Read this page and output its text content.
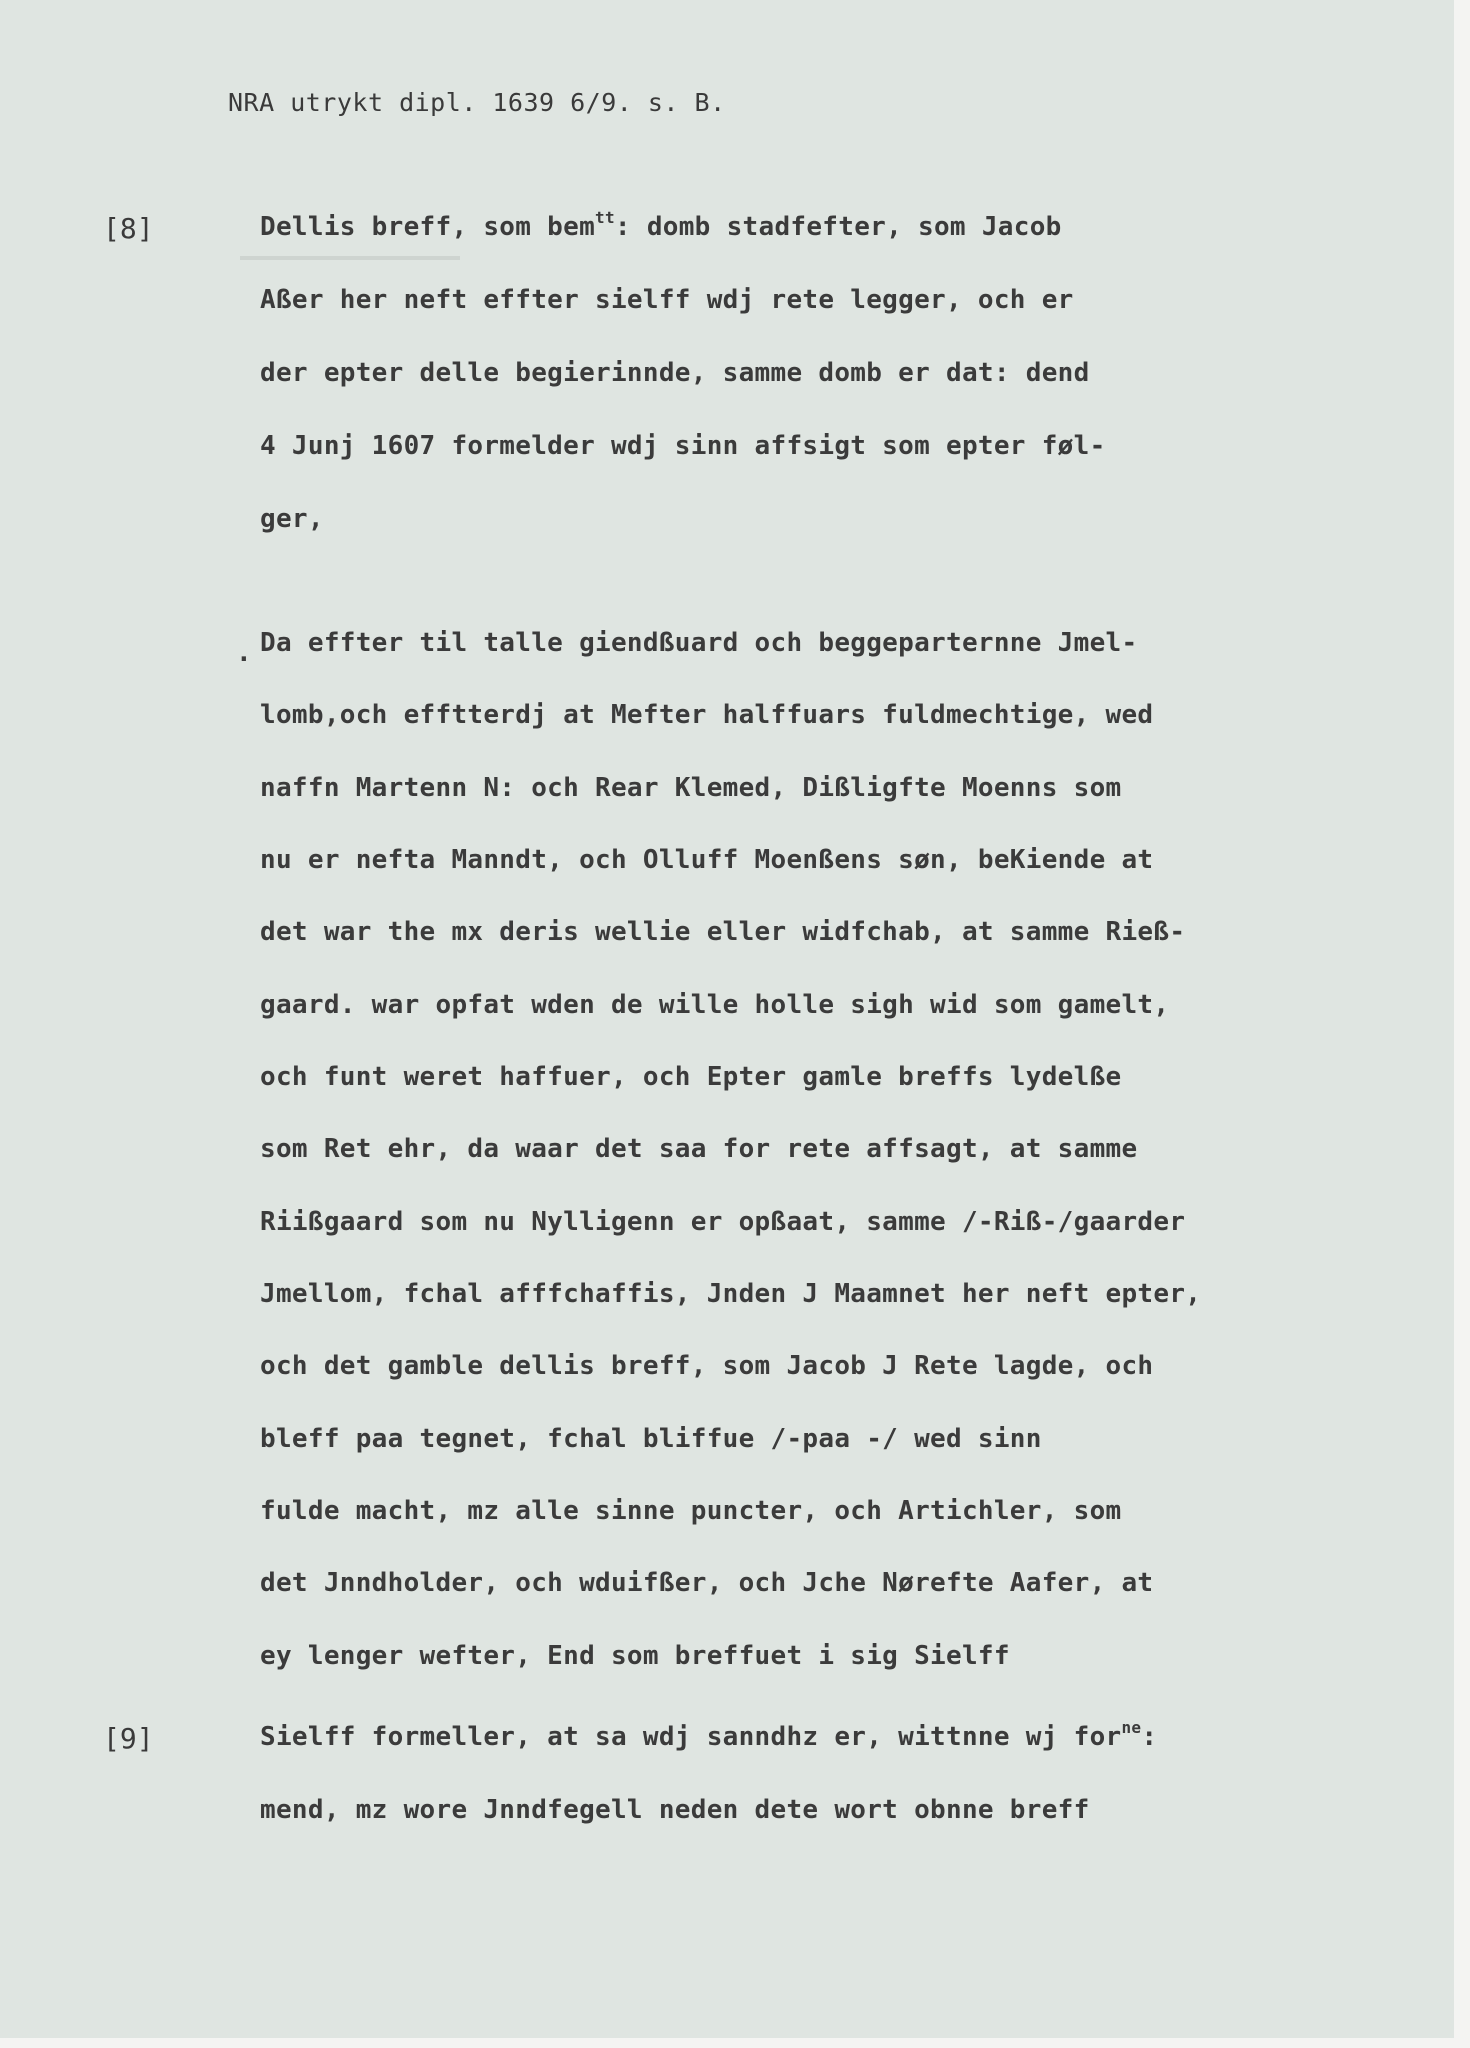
NRA utrykt dipl. 1639 6/9. s. B.
[8]
[9]
.
Dellis breff, som bem$^{tt}$: domb stadfefter, som Jacob
Aßer her neft effter sielff wdj rete legger, och er
der epter delle begierinnde, samme domb er dat: dend
4 Junj 1607 formelder wdj sinn affsigt som epter føl-
ger,
Da effter til talle giendßuard och beggeparternne Jmel-
lomb,och efftterdj at Mefter halffuars fuldmechtige, wed
naffn Martenn N: och Rear Klemed, Dißligfte Moenns som
nu er nefta Manndt, och Olluff Moenßens søn, beKiende at
det war the mx deris wellie eller widfchab, at samme Rieß-
gaard. war opfat wden de wille holle sigh wid som gamelt,
och funt weret haffuer, och Epter gamle breffs lydelße
som Ret ehr, da waar det saa for rete affsagt, at samme
Riißgaard som nu Nylligenn er opßaat, samme /-Riß-/gaarder
Jmellom, fchal afffchaffis, Jnden J Maamnet her neft epter,
och det gamble dellis breff, som Jacob J Rete lagde, och
bleff paa tegnet, fchal bliffue /-paa -/ wed sinn
fulde macht, mz alle sinne puncter, och Artichler, som
det Jnndholder, och wduifßer, och Jche Nørefte Aafer, at
ey lenger wefter, End som breffuet i sig Sielff
Sielff formeller, at sa wdj sanndhz er, wittnne wj for$^{ne}$:
mend, mz wore Jnndfegell neden dete wort obnne breff
